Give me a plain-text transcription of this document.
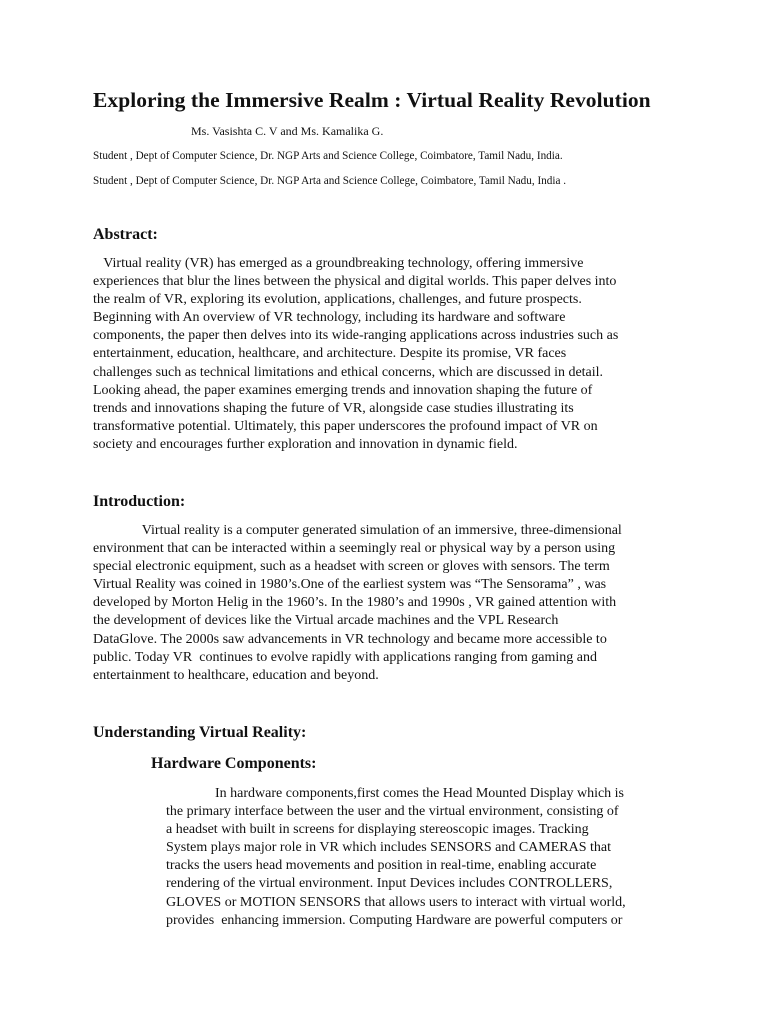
Exploring the Immersive Realm : Virtual Reality Revolution

Ms. Vasishta C. V and Ms. Kamalika G.

Student , Dept of Computer Science, Dr. NGP Arts and Science College, Coimbatore, Tamil Nadu, India.

Student , Dept of Computer Science, Dr. NGP Arta and Science College, Coimbatore, Tamil Nadu, India .

Abstract:
Virtual reality (VR) has emerged as a groundbreaking technology, offering immersive
experiences that blur the lines between the physical and digital worlds. This paper delves into
the realm of VR, exploring its evolution, applications, challenges, and future prospects.
Beginning with An overview of VR technology, including its hardware and software
components, the paper then delves into its wide-ranging applications across industries such as
entertainment, education, healthcare, and architecture. Despite its promise, VR faces
challenges such as technical limitations and ethical concerns, which are discussed in detail.
Looking ahead, the paper examines emerging trends and innovation shaping the future of
trends and innovations shaping the future of VR, alongside case studies illustrating its
transformative potential. Ultimately, this paper underscores the profound impact of VR on
society and encourages further exploration and innovation in dynamic field.
Introduction:
Virtual reality is a computer generated simulation of an immersive, three-dimensional
environment that can be interacted within a seemingly real or physical way by a person using
special electronic equipment, such as a headset with screen or gloves with sensors. The term
Virtual Reality was coined in 1980’s.One of the earliest system was “The Sensorama” , was
developed by Morton Helig in the 1960’s. In the 1980’s and 1990s , VR gained attention with
the development of devices like the Virtual arcade machines and the VPL Research
DataGlove. The 2000s saw advancements in VR technology and became more accessible to
public. Today VR  continues to evolve rapidly with applications ranging from gaming and
entertainment to healthcare, education and beyond.
Understanding Virtual Reality:
Hardware Components:
In hardware components,first comes the Head Mounted Display which is
the primary interface between the user and the virtual environment, consisting of
a headset with built in screens for displaying stereoscopic images. Tracking
System plays major role in VR which includes SENSORS and CAMERAS that
tracks the users head movements and position in real-time, enabling accurate
rendering of the virtual environment. Input Devices includes CONTROLLERS,
GLOVES or MOTION SENSORS that allows users to interact with virtual world,
provides  enhancing immersion. Computing Hardware are powerful computers or
